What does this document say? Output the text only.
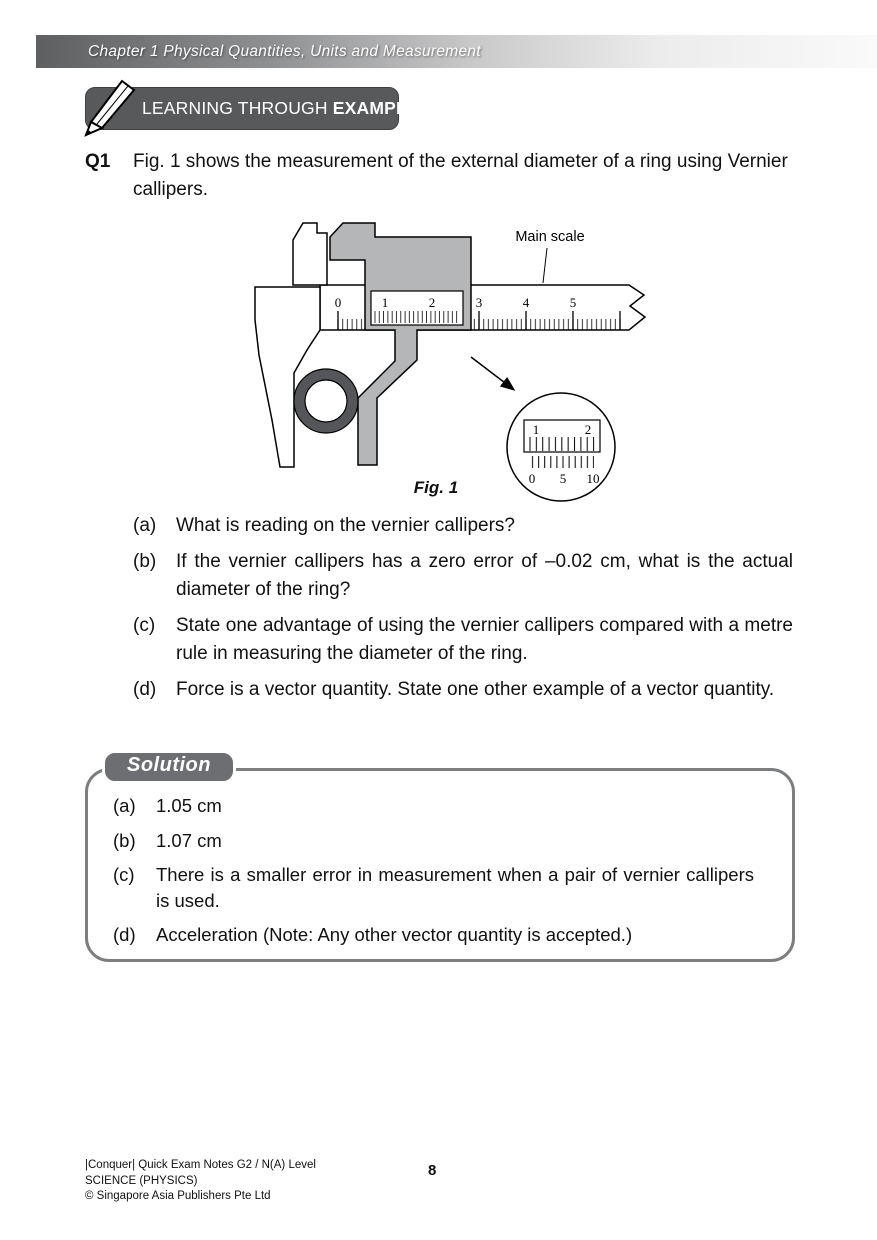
Chapter 1 Physical Quantities, Units and Measurement
LEARNING THROUGH EXAMPLES
Q1	Fig. 1 shows the measurement of the external diameter of a ring using Vernier callipers.
0	3	4	5
1	2
Main scale
1	2
0 5 10
Fig. 1
(a)	What is reading on the vernier callipers?
(b)	If the vernier callipers has a zero error of –0.02 cm, what is the actual diameter of the ring?
(c)	State one advantage of using the vernier callipers compared with a metre rule in measuring the diameter of the ring.
(d)	Force is a vector quantity. State one other example of a vector quantity.
Solution
(a)	1.05 cm
(b)	1.07 cm
(c)	There is a smaller error in measurement when a pair of vernier callipers is used.
(d)	Acceleration (Note: Any other vector quantity is accepted.)
|Conquer| Quick Exam Notes G2 / N(A) Level
SCIENCE (PHYSICS)
© Singapore Asia Publishers Pte Ltd
8
